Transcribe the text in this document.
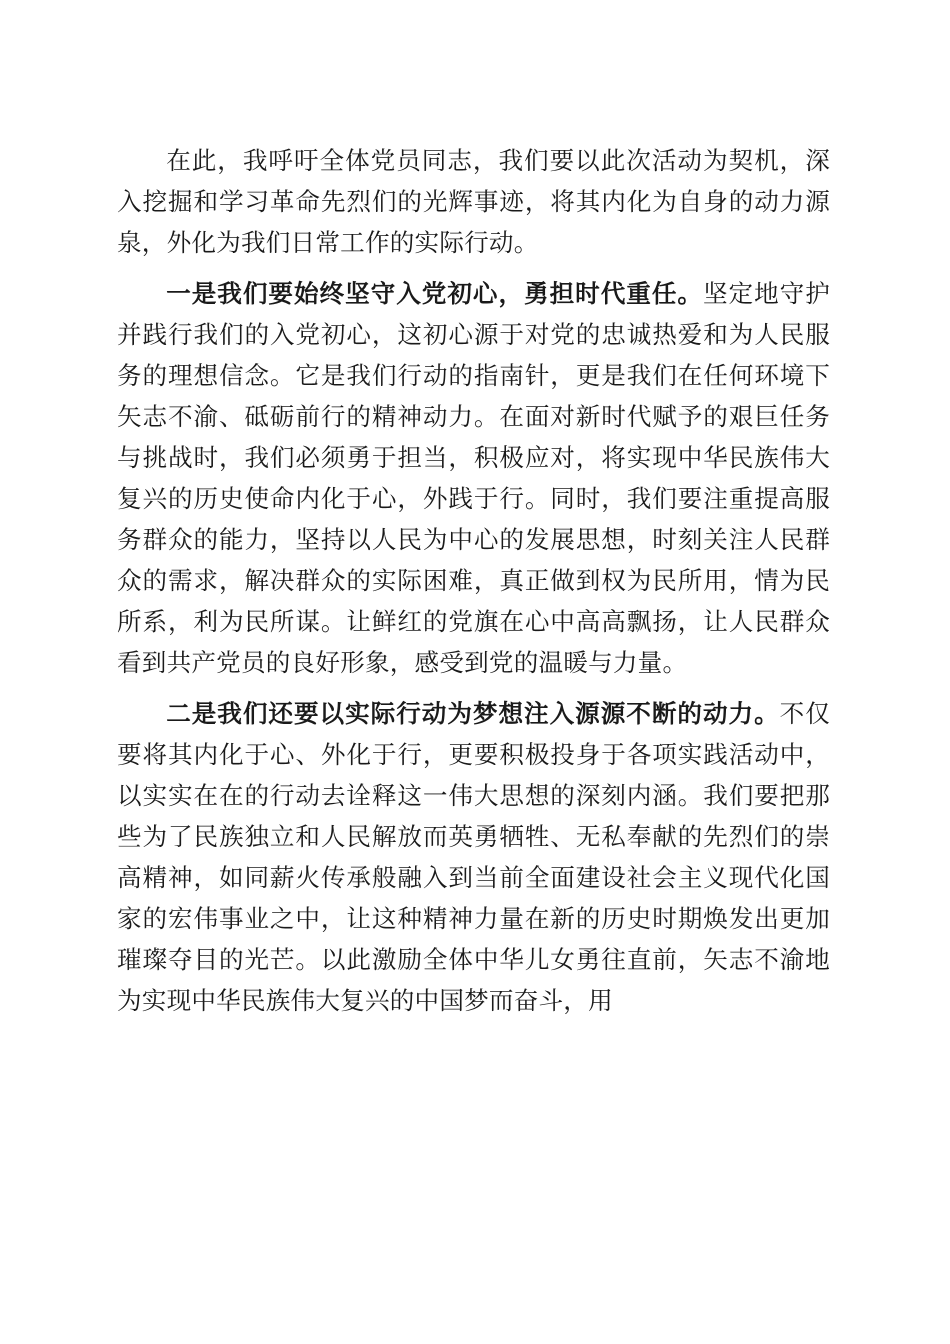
在此，我呼吁全体党员同志，我们要以此次活动为契机，深入挖掘和学习革命先烈们的光辉事迹，将其内化为自身的动力源泉，外化为我们日常工作的实际行动。

一是我们要始终坚守入党初心，勇担时代重任。坚定地守护并践行我们的入党初心，这初心源于对党的忠诚热爱和为人民服务的理想信念。它是我们行动的指南针，更是我们在任何环境下矢志不渝、砥砺前行的精神动力。在面对新时代赋予的艰巨任务与挑战时，我们必须勇于担当，积极应对，将实现中华民族伟大复兴的历史使命内化于心，外践于行。同时，我们要注重提高服务群众的能力，坚持以人民为中心的发展思想，时刻关注人民群众的需求，解决群众的实际困难，真正做到权为民所用，情为民所系，利为民所谋。让鲜红的党旗在心中高高飘扬，让人民群众看到共产党员的良好形象，感受到党的温暖与力量。

二是我们还要以实际行动为梦想注入源源不断的动力。不仅要将其内化于心、外化于行，更要积极投身于各项实践活动中，以实实在在的行动去诠释这一伟大思想的深刻内涵。我们要把那些为了民族独立和人民解放而英勇牺牲、无私奉献的先烈们的崇高精神，如同薪火传承般融入到当前全面建设社会主义现代化国家的宏伟事业之中，让这种精神力量在新的历史时期焕发出更加璀璨夺目的光芒。以此激励全体中华儿女勇往直前，矢志不渝地为实现中华民族伟大复兴的中国梦而奋斗，用
